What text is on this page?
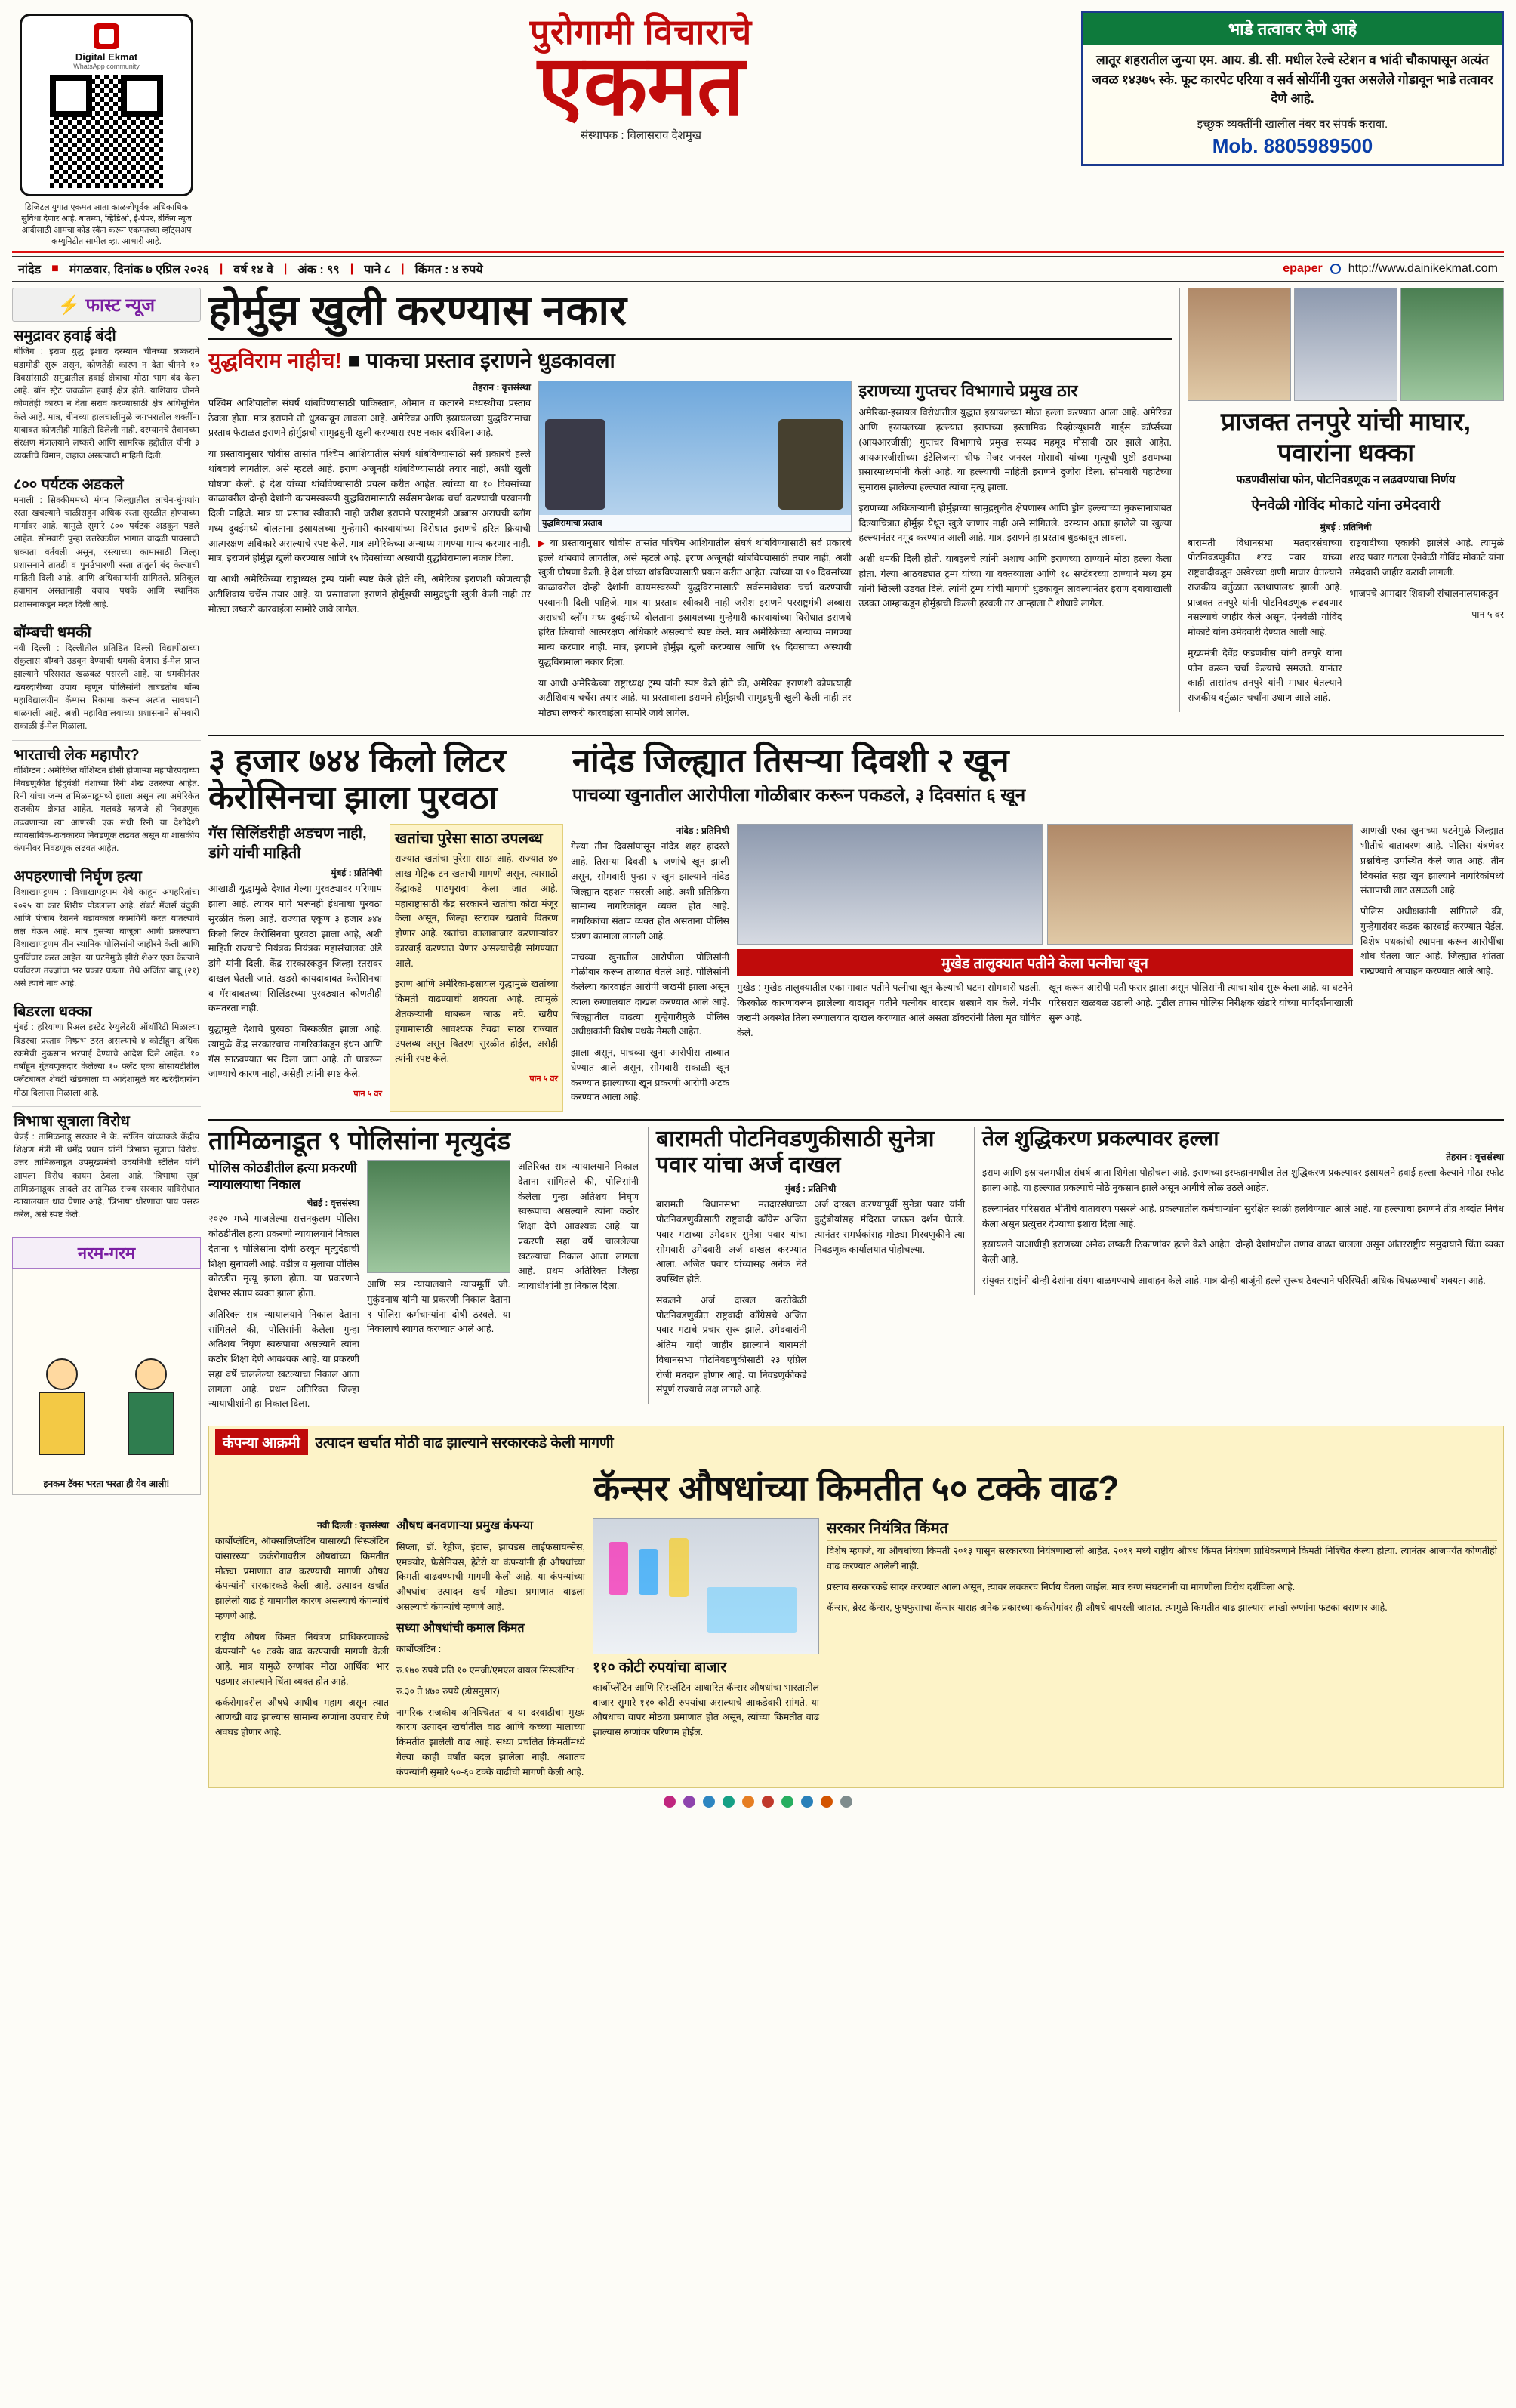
Digital Ekmat
WhatsApp community
डिजिटल युगात एकमत आता काळजीपूर्वक अधिकाधिक सुविधा देणार आहे. बातम्या, व्हिडिओ, ई-पेपर, ब्रेकिंग न्यूज आदीसाठी आमचा कोड स्कॅन करून एकमतच्या व्हॉट्सअप कम्युनिटीत सामील व्हा. आभारी आहे.
पुरोगामी विचाराचे
एकमत
संस्थापक : विलासराव देशमुख
भाडे तत्वावर देणे आहे
लातूर शहरातील जुन्या एम. आय. डी. सी. मधील रेल्वे स्टेशन व भांदी चौकापासून अत्यंत जवळ १४३७५ स्के. फूट कारपेट एरिया व सर्व सोयींनी युक्त असलेले गोडावून भाडे तत्वावर देणे आहे.
इच्छुक व्यक्तींनी खालील नंबर वर संपर्क करावा.
Mob. 8805989500
नांदेड ■ मंगळवार, दिनांक ७ एप्रिल २०२६ | वर्ष १४ वे | अंक : ९९ | पाने ८ | किंमत : ४ रुपये	epaper http://www.dainikekmat.com
⚡ फास्ट न्यूज
समुद्रावर हवाई बंदी
बीजिंग : इराण युद्ध इशारा दरम्यान चीनच्या लष्कराने घडामोडी सुरू असून, कोणतेही कारण न देता चीनने १० दिवसांसाठी समुद्रातील हवाई क्षेत्राचा मोठा भाग बंद केला आहे. बॉन स्ट्रेट जवळील हवाई क्षेत्र होते. याशिवाय चीनने कोणतेही कारण न देता सराव करण्यासाठी क्षेत्र अधिसूचित केले आहे. मात्र, चीनच्या हालचालीमुळे जगभरातील शक्तींना याबाबत कोणतीही माहिती दिलेली नाही. दरम्यानचे तैवानच्या संरक्षण मंत्रालयाने लष्करी आणि सामरिक हद्दीतील चीनी ३ व्यक्तीचे विमान, जहाज असल्याची माहिती दिली.
८०० पर्यटक अडकले
मनाली : सिक्कीममध्ये मंगन जिल्ह्यातील लाचेन-चुंगथांग रस्ता खचल्याने चाळीसहून अधिक रस्ता सुरळीत होण्याच्या मार्गावर आहे. यामुळे सुमारे ८०० पर्यटक अडकून पडले आहेत. सोमवारी पुन्हा उत्तरेकडील भागात वादळी पावसाची शक्यता वर्तवली असून, रस्त्याच्या कामासाठी जिल्हा प्रशासनाने तातडी व पुनर्उभारणी रस्ता तातुर्ता बंद केल्याची माहिती दिली आहे. आणि अधिकाऱ्यांनी सांगितले. प्रतिकूल हवामान असतानाही बचाव पथके आणि स्थानिक प्रशासनाकडून मदत दिली आहे.
बॉम्बची धमकी
नवी दिल्ली : दिल्लीतील प्रतिष्ठित दिल्ली विद्यापीठाच्या संकुलास बॉम्बने उडवून देण्याची धमकी देणारा ई-मेल प्राप्त झाल्याने परिसरात खळबळ पसरली आहे. या धमकीनंतर खबरदारीच्या उपाय म्हणून पोलिसांनी ताबडतोब बॉम्ब महाविद्यालयीन कॅम्पस रिकामा करून अत्यंत सावधानी बाळगली आहे. अशी महाविद्यालयाच्या प्रशासनाने सोमवारी सकाळी ई-मेल मिळाला.
भारताची लेक महापौर?
वॉशिंग्टन : अमेरिकेत वॉशिंग्टन डीसी होणाऱ्या महापौरपदाच्या निवडणुकीत हिंदुवंशी वंशाच्या रिनी शेख उतरल्या आहेत. रिनी यांचा जन्म तामिळनाडूमध्ये झाला असून त्या अमेरिकेत राजकीय क्षेत्रात आहेत. मलवडे म्हणजे ही निवडणूक लढवणाऱ्या त्या आणखी एक संधी रिनी या देशोदेशी व्यावसायिक-राजकारण निवडणूक लढवत असून या शासकीय कंपनीवर निवडणूक लढवत आहेत.
अपहरणाची निर्घृण हत्या
विशाखापट्टणम : विशाखापट्टणम येथे काहून अपहरितांचा २०२५ या कार शिरीष पोडलाला आहे. रॉबर्ट मेंजर्स बंदुकी आणि पंजाब रेशनने वडावकाल कामगिरी करत यातल्यावे लक्ष घेऊन आहे. मात्र दुसऱ्या बाजूला आधी प्रकल्पाचा विशाखापट्टणम तीन स्थानिक पोलिसांनी जाहीरने केली आणि पुनर्विचार करत आहेत. या घटनेमुळे झीरो शेअर एका केल्याने पर्यावरण तज्ज्ञांचा भर प्रकार घडला. तेथे अजिंठा बाबू (२१) असे त्याचे नाव आहे.
बिडरला धक्का
मुंबई : हरियाणा रिअल इस्टेट रेग्युलेटरी ऑथॉरिटी मिळाल्या बिडरचा प्रस्ताव निष्प्रभ ठरत असल्याचे ४ कोटींहून अधिक रकमेची नुकसान भरपाई देण्याचे आदेश दिले आहेत. १० वर्षांहून गुंतवणूकदार केलेल्या १० फ्लॅट एका सोसायटीतील फ्लॅटबाबत शेवटी खंडकाला या आदेशामुळे घर खरेदीदारांना मोठा दिलासा मिळाला आहे.
त्रिभाषा सूत्राला विरोध
चेन्नई : तामिळनाडू सरकार ने के. स्टॅलिन यांच्याकडे केंद्रीय शिक्षण मंत्री मी धर्मेंद्र प्रधान यांनी त्रिभाषा सूत्राचा विरोध. उत्तर तामिळनाडूत उपमुख्यमंत्री उदयनिधी स्टॅलिन यांनी आपला विरोध कायम ठेवला आहे. 'त्रिभाषा सूत्र' तामिळनाडूवर लादले तर तामिळ राज्य सरकार याविरोधात न्यायालयात धाव घेणार आहे, 'त्रिभाषा धोरणाचा पाय पसरू करेल, असे स्पष्ट केले.
नरम-गरम
इनकम टॅक्स भरता भरता ही येव आली!
होर्मुझ खुली करण्यास नकार
युद्धविराम नाहीच! ■ पाकचा प्रस्ताव इराणने धुडकावला
तेहरान : वृत्तसंस्था

पश्चिम आशियातील संघर्ष थांबविण्यासाठी पाकिस्तान, ओमान व कतारने मध्यस्थीचा प्रस्ताव ठेवला होता. मात्र इराणने तो धुडकावून लावला आहे. अमेरिका आणि इस्रायलच्या युद्धविरामाचा प्रस्ताव फेटाळत इराणने होर्मुझची सामुद्रधुनी खुली करण्यास स्पष्ट नकार दर्शविला आहे.

या प्रस्तावानुसार चोवीस तासांत पश्चिम आशियातील संघर्ष थांबविण्यासाठी सर्व प्रकारचे हल्ले थांबवावे लागतील, असे म्हटले आहे. इराण अजूनही थांबविण्यासाठी तयार नाही, अशी खुली घोषणा केली. हे देश यांच्या थांबविण्यासाठी प्रयत्न करीत आहेत. त्यांच्या या १० दिवसांच्या काळावरील दोन्ही देशांनी कायमस्वरूपी युद्धविरामासाठी सर्वसमावेशक चर्चा करण्याची परवानगी दिली पाहिजे. मात्र या प्रस्ताव स्वीकारी नाही जरीश इराणने परराष्ट्रमंत्री अब्बास अराघची ब्लॉग मध्य दुबईमध्ये बोलताना इस्रायलच्या गुन्हेगारी कारवायांच्या विरोधात इराणचे हरित क्रियाची आत्मरक्षण अधिकारे असल्याचे स्पष्ट केले. मात्र अमेरिकेच्या अन्याय्य मागण्या मान्य करणार नाही. मात्र, इराणने होर्मुझ खुली करण्यास आणि ९५ दिवसांच्या अस्थायी युद्धविरामाला नकार दिला.

या आधी अमेरिकेच्या राष्ट्राध्यक्ष ट्रम्प यांनी स्पष्ट केले होते की, अमेरिका इराणशी कोणत्याही अटीशिवाय चर्चेस तयार आहे. या प्रस्तावाला इराणने होर्मुझची सामुद्रधुनी खुली केली नाही तर मोठ्या लष्करी कारवाईला सामोरे जावे लागेल.

युद्धविरामाचा प्रस्ताव

▶ या प्रस्तावानुसार चोवीस तासांत पश्चिम आशियातील संघर्ष थांबविण्यासाठी सर्व प्रकारचे हल्ले थांबवावे लागतील, असे म्हटले आहे. इराण अजूनही थांबविण्यासाठी तयार नाही, अशी खुली घोषणा केली. हे देश यांच्या थांबविण्यासाठी प्रयत्न करीत आहेत. त्यांच्या या १० दिवसांच्या काळावरील दोन्ही देशांनी कायमस्वरूपी युद्धविरामासाठी सर्वसमावेशक चर्चा करण्याची परवानगी दिली पाहिजे. मात्र या प्रस्ताव स्वीकारी नाही जरीश इराणने परराष्ट्रमंत्री अब्बास अराघची ब्लॉग मध्य दुबईमध्ये बोलताना इस्रायलच्या गुन्हेगारी कारवायांच्या विरोधात इराणचे हरित क्रियाची आत्मरक्षण अधिकारे असल्याचे स्पष्ट केले. मात्र अमेरिकेच्या अन्याय्य मागण्या मान्य करणार नाही. मात्र, इराणने होर्मुझ खुली करण्यास आणि ९५ दिवसांच्या अस्थायी युद्धविरामाला नकार दिला.

या आधी अमेरिकेच्या राष्ट्राध्यक्ष ट्रम्प यांनी स्पष्ट केले होते की, अमेरिका इराणशी कोणत्याही अटीशिवाय चर्चेस तयार आहे. या प्रस्तावाला इराणने होर्मुझची सामुद्रधुनी खुली केली नाही तर मोठ्या लष्करी कारवाईला सामोरे जावे लागेल.

इराणच्या गुप्तचर विभागाचे प्रमुख ठार

अमेरिका-इस्रायल विरोधातील युद्धात इस्रायलच्या मोठा हल्ला करण्यात आला आहे. अमेरिका आणि इस्रायलच्या हल्ल्यात इराणच्या इस्लामिक रिव्होल्यूशनरी गार्ड्स कॉर्प्सच्या (आयआरजीसी) गुप्तचर विभागाचे प्रमुख सय्यद महमूद मोसावी ठार झाले आहेत. आयआरजीसीच्या इंटेलिजन्स चीफ मेजर जनरल मोसावी यांच्या मृत्यूची पुष्टी इराणच्या प्रसारमाध्यमांनी केली आहे. या हल्ल्याची माहिती इराणने दुजोरा दिला. सोमवारी पहाटेच्या सुमारास झालेल्या हल्ल्यात त्यांचा मृत्यू झाला.

इराणच्या अधिकाऱ्यांनी होर्मुझच्या सामुद्रधुनीत क्षेपणास्त्र आणि ड्रोन हल्ल्यांच्या नुकसानाबाबत दिल्याचित्रात होर्मुझ येथून खुले जाणार नाही असे सांगितले. दरम्यान आता झालेले या खुल्या हल्ल्यानंतर नमूद करण्यात आली आहे. मात्र, इराणने हा प्रस्ताव धुडकावून लावला.

अशी धमकी दिली होती. याबद्दलचे त्यांनी अशाच आणि इराणच्या ठाण्याने मोठा हल्ला केला होता. गेल्या आठवड्यात ट्रम्प यांच्या या वक्तव्याला आणि १८ सप्टेंबरच्या ठाण्याने मध्य ड्रम यांनी खिल्ली उडवत दिले. त्यांनी ट्रम्प यांची मागणी धुडकावून लावल्यानंतर इराण दबावाखाली उडवत आम्हाकडून होर्मुझची किल्ली हरवली तर आम्हाला ते शोधावे लागेल.

प्राजक्त तनपुरे यांची माघार, पवारांना धक्का
फडणवीसांचा फोन, पोटनिवडणूक न लढवण्याचा निर्णय
ऐनवेळी गोविंद मोकाटे यांना उमेदवारी
मुंबई : प्रतिनिधी

बारामती विधानसभा मतदारसंघाच्या पोटनिवडणुकीत शरद पवार यांच्या राष्ट्रवादीकडून अखेरच्या क्षणी माघार घेतल्याने राजकीय वर्तुळात उलथापालथ झाली आहे. प्राजक्त तनपुरे यांनी पोटनिवडणूक लढवणार नसल्याचे जाहीर केले असून, ऐनवेळी गोविंद मोकाटे यांना उमेदवारी देण्यात आली आहे.

मुख्यमंत्री देवेंद्र फडणवीस यांनी तनपुरे यांना फोन करून चर्चा केल्याचे समजते. यानंतर काही तासांतच तनपुरे यांनी माघार घेतल्याने राजकीय वर्तुळात चर्चांना उधाण आले आहे.

राष्ट्रवादीच्या एकाकी झालेले आहे. त्यामुळे शरद पवार गटाला ऐनवेळी गोविंद मोकाटे यांना उमेदवारी जाहीर करावी लागली.

भाजपचे आमदार शिवाजी संचालनालयाकडून

पान ५ वर

३ हजार ७४४ किलो लिटर केरोसिनचा झाला पुरवठा
नांदेड जिल्ह्यात तिसऱ्या दिवशी २ खून
पाचव्या खुनातील आरोपीला गोळीबार करून पकडले, ३ दिवसांत ६ खून
गॅस सिलिंडरीही अडचण नाही, डांगे यांची माहिती
मुंबई : प्रतिनिधी

आखाडी युद्धामुळे देशात गेल्या पुरवठ्यावर परिणाम झाला आहे. त्यावर मागे भरूनही इंधनाचा पुरवठा सुरळीत केला आहे. राज्यात एकूण ३ हजार ७४४ किलो लिटर केरोसिनचा पुरवठा झाला आहे, अशी माहिती राज्याचे नियंत्रक नियंत्रक महासंचालक अंडे डांगे यांनी दिली. केंद्र सरकारकडून जिल्हा स्तरावर दाखल घेतली जाते. खडसे कायदाबाबत केरोसिनचा व गॅसबाबतच्या सिलिंडरच्या पुरवठ्यात कोणतीही कमतरता नाही.

युद्धामुळे देशाचे पुरवठा विस्कळीत झाला आहे. त्यामुळे केंद्र सरकारचाच नागरिकांकडून इंधन आणि गॅस साठवण्यात भर दिला जात आहे. तो घाबरून जाण्याचे कारण नाही, असेही त्यांनी स्पष्ट केले.

पान ५ वर

खतांचा पुरेसा साठा उपलब्ध

राज्यात खतांचा पुरेसा साठा आहे. राज्यात ४० लाख मेट्रिक टन खताची मागणी असून, त्यासाठी केंद्राकडे पाठपुरावा केला जात आहे. महाराष्ट्रासाठी केंद्र सरकारने खतांचा कोटा मंजूर केला असून, जिल्हा स्तरावर खताचे वितरण होणार आहे. खतांचा कालाबाजार करणाऱ्यांवर कारवाई करण्यात येणार असल्याचेही सांगण्यात आले.

इराण आणि अमेरिका-इस्रायल युद्धामुळे खतांच्या किमती वाढण्याची शक्यता आहे. त्यामुळे शेतकऱ्यांनी घाबरून जाऊ नये. खरीप हंगामासाठी आवश्यक तेवढा साठा राज्यात उपलब्ध असून वितरण सुरळीत होईल, असेही त्यांनी स्पष्ट केले.

पान ५ वर

नांदेड : प्रतिनिधी

गेल्या तीन दिवसांपासून नांदेड शहर हादरले आहे. तिसऱ्या दिवशी ६ जणांचे खून झाली असून, सोमवारी पुन्हा २ खून झाल्याने नांदेड जिल्ह्यात दहशत पसरली आहे. अशी प्रतिक्रिया सामान्य नागरिकांतून व्यक्त होत आहे. नागरिकांचा संताप व्यक्त होत असताना पोलिस यंत्रणा कामाला लागली आहे.

पाचव्या खुनातील आरोपीला पोलिसांनी गोळीबार करून ताब्यात घेतले आहे. पोलिसांनी केलेल्या कारवाईत आरोपी जखमी झाला असून त्याला रुग्णालयात दाखल करण्यात आले आहे. जिल्ह्यातील वाढत्या गुन्हेगारीमुळे पोलिस अधीक्षकांनी विशेष पथके नेमली आहेत.

झाला असून, पाचव्या खुना आरोपीस ताब्यात घेण्यात आले असून, सोमवारी सकाळी खून करण्यात झाल्याच्या खून प्रकरणी आरोपी अटक करण्यात आला आहे.

मुखेड तालुक्यात पतीने केला पत्नीचा खून

मुखेड : मुखेड तालुक्यातील एका गावात पतीने पत्नीचा खून केल्याची घटना सोमवारी घडली. किरकोळ कारणावरून झालेल्या वादातून पतीने पत्नीवर धारदार शस्त्राने वार केले. गंभीर जखमी अवस्थेत तिला रुग्णालयात दाखल करण्यात आले असता डॉक्टरांनी तिला मृत घोषित केले.

खून करून आरोपी पती फरार झाला असून पोलिसांनी त्याचा शोध सुरू केला आहे. या घटनेने परिसरात खळबळ उडाली आहे. पुढील तपास पोलिस निरीक्षक खंडारे यांच्या मार्गदर्शनाखाली सुरू आहे.

आणखी एका खुनाच्या घटनेमुळे जिल्ह्यात भीतीचे वातावरण आहे. पोलिस यंत्रणेवर प्रश्नचिन्ह उपस्थित केले जात आहे. तीन दिवसांत सहा खून झाल्याने नागरिकांमध्ये संतापाची लाट उसळली आहे.

पोलिस अधीक्षकांनी सांगितले की, गुन्हेगारांवर कडक कारवाई करण्यात येईल. विशेष पथकांची स्थापना करून आरोपींचा शोध घेतला जात आहे. जिल्ह्यात शांतता राखण्याचे आवाहन करण्यात आले आहे.

तामिळनाडूत ९ पोलिसांना मृत्युदंड
पोलिस कोठडीतील हत्या प्रकरणी न्यायालयाचा निकाल
चेन्नई : वृत्तसंस्था

२०२० मध्ये गाजलेल्या सत्तनकुलम पोलिस कोठडीतील हत्या प्रकरणी न्यायालयाने निकाल देताना ९ पोलिसांना दोषी ठरवून मृत्युदंडाची शिक्षा सुनावली आहे. वडील व मुलाचा पोलिस कोठडीत मृत्यू झाला होता. या प्रकरणाने देशभर संताप व्यक्त झाला होता.

अतिरिक्त सत्र न्यायालयाने निकाल देताना सांगितले की, पोलिसांनी केलेला गुन्हा अतिशय निघृण स्वरूपाचा असल्याने त्यांना कठोर शिक्षा देणे आवश्यक आहे. या प्रकरणी सहा वर्षे चाललेल्या खटल्याचा निकाल आता लागला आहे. प्रथम अतिरिक्त जिल्हा न्यायाधीशांनी हा निकाल दिला.

आणि सत्र न्यायालयाने न्यायमूर्ती जी. मुकुंदनाथ यांनी या प्रकरणी निकाल देताना ९ पोलिस कर्मचाऱ्यांना दोषी ठरवले. या निकालाचे स्वागत करण्यात आले आहे.

अतिरिक्त सत्र न्यायालयाने निकाल देताना सांगितले की, पोलिसांनी केलेला गुन्हा अतिशय निघृण स्वरूपाचा असल्याने त्यांना कठोर शिक्षा देणे आवश्यक आहे. या प्रकरणी सहा वर्षे चाललेल्या खटल्याचा निकाल आता लागला आहे. प्रथम अतिरिक्त जिल्हा न्यायाधीशांनी हा निकाल दिला.

बारामती पोटनिवडणुकीसाठी सुनेत्रा पवार यांचा अर्ज दाखल
मुंबई : प्रतिनिधी

बारामती विधानसभा मतदारसंघाच्या पोटनिवडणुकीसाठी राष्ट्रवादी काँग्रेस अजित पवार गटाच्या उमेदवार सुनेत्रा पवार यांचा सोमवारी उमेदवारी अर्ज दाखल करण्यात आला. अजित पवार यांच्यासह अनेक नेते उपस्थित होते.

संकलने अर्ज दाखल करतेवेळी पोटनिवडणुकीत राष्ट्रवादी काँग्रेसचे अजित पवार गटाचे प्रचार सुरू झाले. उमेदवारांनी अंतिम यादी जाहीर झाल्याने बारामती विधानसभा पोटनिवडणुकीसाठी २३ एप्रिल रोजी मतदान होणार आहे. या निवडणुकीकडे संपूर्ण राज्याचे लक्ष लागले आहे.

अर्ज दाखल करण्यापूर्वी सुनेत्रा पवार यांनी कुटुंबीयांसह मंदिरात जाऊन दर्शन घेतले. त्यानंतर समर्थकांसह मोठ्या मिरवणुकीने त्या निवडणूक कार्यालयात पोहोचल्या.

तेल शुद्धिकरण प्रकल्पावर हल्ला
तेहरान : वृत्तसंस्था

इराण आणि इस्रायलमधील संघर्ष आता शिगेला पोहोचला आहे. इराणच्या इस्फहानमधील तेल शुद्धिकरण प्रकल्पावर इस्रायलने हवाई हल्ला केल्याने मोठा स्फोट झाला आहे. या हल्ल्यात प्रकल्पाचे मोठे नुकसान झाले असून आगीचे लोळ उठले आहेत.

हल्ल्यानंतर परिसरात भीतीचे वातावरण पसरले आहे. प्रकल्पातील कर्मचाऱ्यांना सुरक्षित स्थळी हलविण्यात आले आहे. या हल्ल्याचा इराणने तीव्र शब्दांत निषेध केला असून प्रत्युत्तर देण्याचा इशारा दिला आहे.

इस्रायलने याआधीही इराणच्या अनेक लष्करी ठिकाणांवर हल्ले केले आहेत. दोन्ही देशांमधील तणाव वाढत चालला असून आंतरराष्ट्रीय समुदायाने चिंता व्यक्त केली आहे.

संयुक्त राष्ट्रांनी दोन्ही देशांना संयम बाळगण्याचे आवाहन केले आहे. मात्र दोन्ही बाजूंनी हल्ले सुरूच ठेवल्याने परिस्थिती अधिक चिघळण्याची शक्यता आहे.

कंपन्या आक्रमी	उत्पादन खर्चात मोठी वाढ झाल्याने सरकारकडे केली मागणी
कॅन्सर औषधांच्या किमतीत ५० टक्के वाढ?
नवी दिल्ली : वृत्तसंस्था

कार्बोप्लॅटिन, ऑक्सालिप्लॅटिन यासारखी सिस्प्लॅटिन यांसारख्या कर्करोगावरील औषधांच्या किमतीत मोठ्या प्रमाणात वाढ करण्याची मागणी औषध कंपन्यांनी सरकारकडे केली आहे. उत्पादन खर्चात झालेली वाढ हे यामागील कारण असल्याचे कंपन्यांचे म्हणणे आहे.

राष्ट्रीय औषध किंमत नियंत्रण प्राधिकरणाकडे कंपन्यांनी ५० टक्के वाढ करण्याची मागणी केली आहे. मात्र यामुळे रुग्णांवर मोठा आर्थिक भार पडणार असल्याने चिंता व्यक्त होत आहे.

कर्करोगावरील औषधे आधीच महाग असून त्यात आणखी वाढ झाल्यास सामान्य रुग्णांना उपचार घेणे अवघड होणार आहे.

औषध बनवणाऱ्या प्रमुख कंपन्या
सिप्ला, डॉ. रेड्डीज, इंटास, झायडस लाईफसायन्सेस, एमक्योर, फ्रेसेनियस, हेटेरो या कंपन्यांनी ही औषधांच्या किमती वाढवण्याची मागणी केली आहे. या कंपन्यांच्या औषधांचा उत्पादन खर्च मोठ्या प्रमाणात वाढला असल्याचे कंपन्यांचे म्हणणे आहे.
सध्या औषधांची कमाल किंमत

कार्बोप्लॅटिन :

रु.१७० रुपये प्रति १० एमजी/एमएल वायल सिस्प्लॅटिन :

रु.३० ते ४७० रुपये (डोसनुसार)

नागरिक राजकीय अनिश्चितता व या दरवाढीचा मुख्य कारण उत्पादन खर्चातील वाढ आणि कच्च्या मालाच्या किमतीत झालेली वाढ आहे. सध्या प्रचलित किमतींमध्ये गेल्या काही वर्षांत बदल झालेला नाही. अशातच कंपन्यांनी सुमारे ५०-६० टक्के वाढीची मागणी केली आहे.
११० कोटी रुपयांचा बाजार
कार्बोप्लॅटिन आणि सिस्प्लॅटिन-आधारित कॅन्सर औषधांचा भारतातील बाजार सुमारे ११० कोटी रुपयांचा असल्याचे आकडेवारी सांगते. या औषधांचा वापर मोठ्या प्रमाणात होत असून, त्यांच्या किमतीत वाढ झाल्यास रुग्णांवर परिणाम होईल.
सरकार नियंत्रित किंमत

विशेष म्हणजे, या औषधांच्या किमती २०१३ पासून सरकारच्या नियंत्रणाखाली आहेत. २०१९ मध्ये राष्ट्रीय औषध किंमत नियंत्रण प्राधिकरणाने किमती निश्चित केल्या होत्या. त्यानंतर आजपर्यंत कोणतीही वाढ करण्यात आलेली नाही.

प्रस्ताव सरकारकडे सादर करण्यात आला असून, त्यावर लवकरच निर्णय घेतला जाईल. मात्र रुग्ण संघटनांनी या मागणीला विरोध दर्शविला आहे.

कॅन्सर, ब्रेस्ट कॅन्सर, फुफ्फुसाचा कॅन्सर यासह अनेक प्रकारच्या कर्करोगांवर ही औषधे वापरली जातात. त्यामुळे किमतीत वाढ झाल्यास लाखो रुग्णांना फटका बसणार आहे.
